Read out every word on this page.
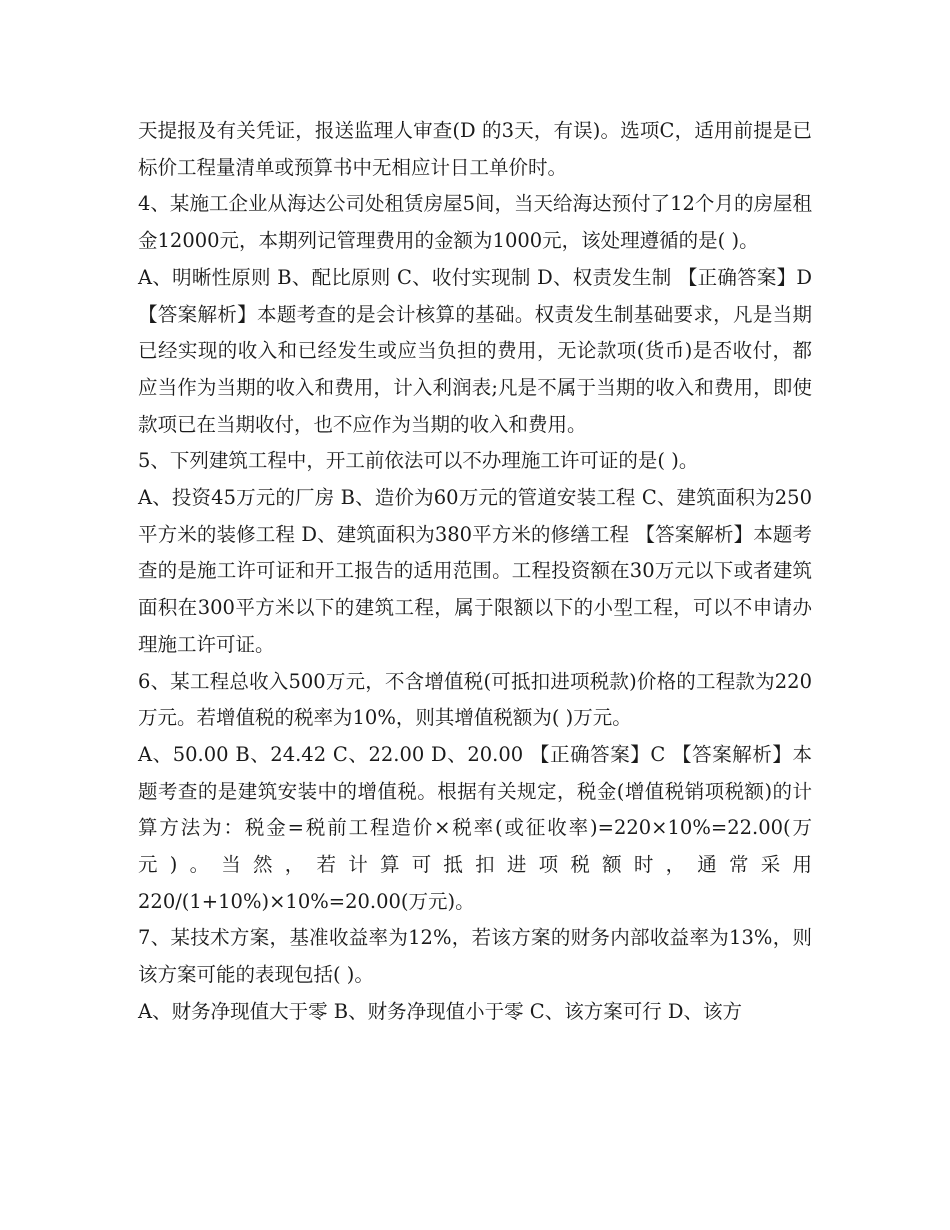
天提报及有关凭证，报送监理人审查(D 的3天，有误)。选项C，适用前提是已标价工程量清单或预算书中无相应计日工单价时。

4、某施工企业从海达公司处租赁房屋5间，当天给海达预付了12个月的房屋租金12000元，本期列记管理费用的金额为1000元，该处理遵循的是( )。

A、明晰性原则 B、配比原则 C、收付实现制 D、权责发生制 【正确答案】D 【答案解析】本题考查的是会计核算的基础。权责发生制基础要求，凡是当期已经实现的收入和已经发生或应当负担的费用，无论款项(货币)是否收付，都应当作为当期的收入和费用，计入利润表;凡是不属于当期的收入和费用，即使款项已在当期收付，也不应作为当期的收入和费用。

5、下列建筑工程中，开工前依法可以不办理施工许可证的是( )。

A、投资45万元的厂房 B、造价为60万元的管道安装工程 C、建筑面积为250平方米的装修工程 D、建筑面积为380平方米的修缮工程 【答案解析】本题考查的是施工许可证和开工报告的适用范围。工程投资额在30万元以下或者建筑面积在300平方米以下的建筑工程，属于限额以下的小型工程，可以不申请办理施工许可证。

6、某工程总收入500万元，不含增值税(可抵扣进项税款)价格的工程款为220万元。若增值税的税率为10%，则其增值税额为( )万元。

A、50.00 B、24.42 C、22.00 D、20.00 【正确答案】C 【答案解析】本题考查的是建筑安装中的增值税。根据有关规定，税金(增值税销项税额)的计算方法为：税金=税前工程造价×税率(或征收率)=220×10%=22.00(万元)。当然，若计算可抵扣进项税额时，通常采用 220/(1+10%)×10%=20.00(万元)。

7、某技术方案，基准收益率为12%，若该方案的财务内部收益率为13%，则该方案可能的表现包括( )。

A、财务净现值大于零 B、财务净现值小于零 C、该方案可行 D、该方
